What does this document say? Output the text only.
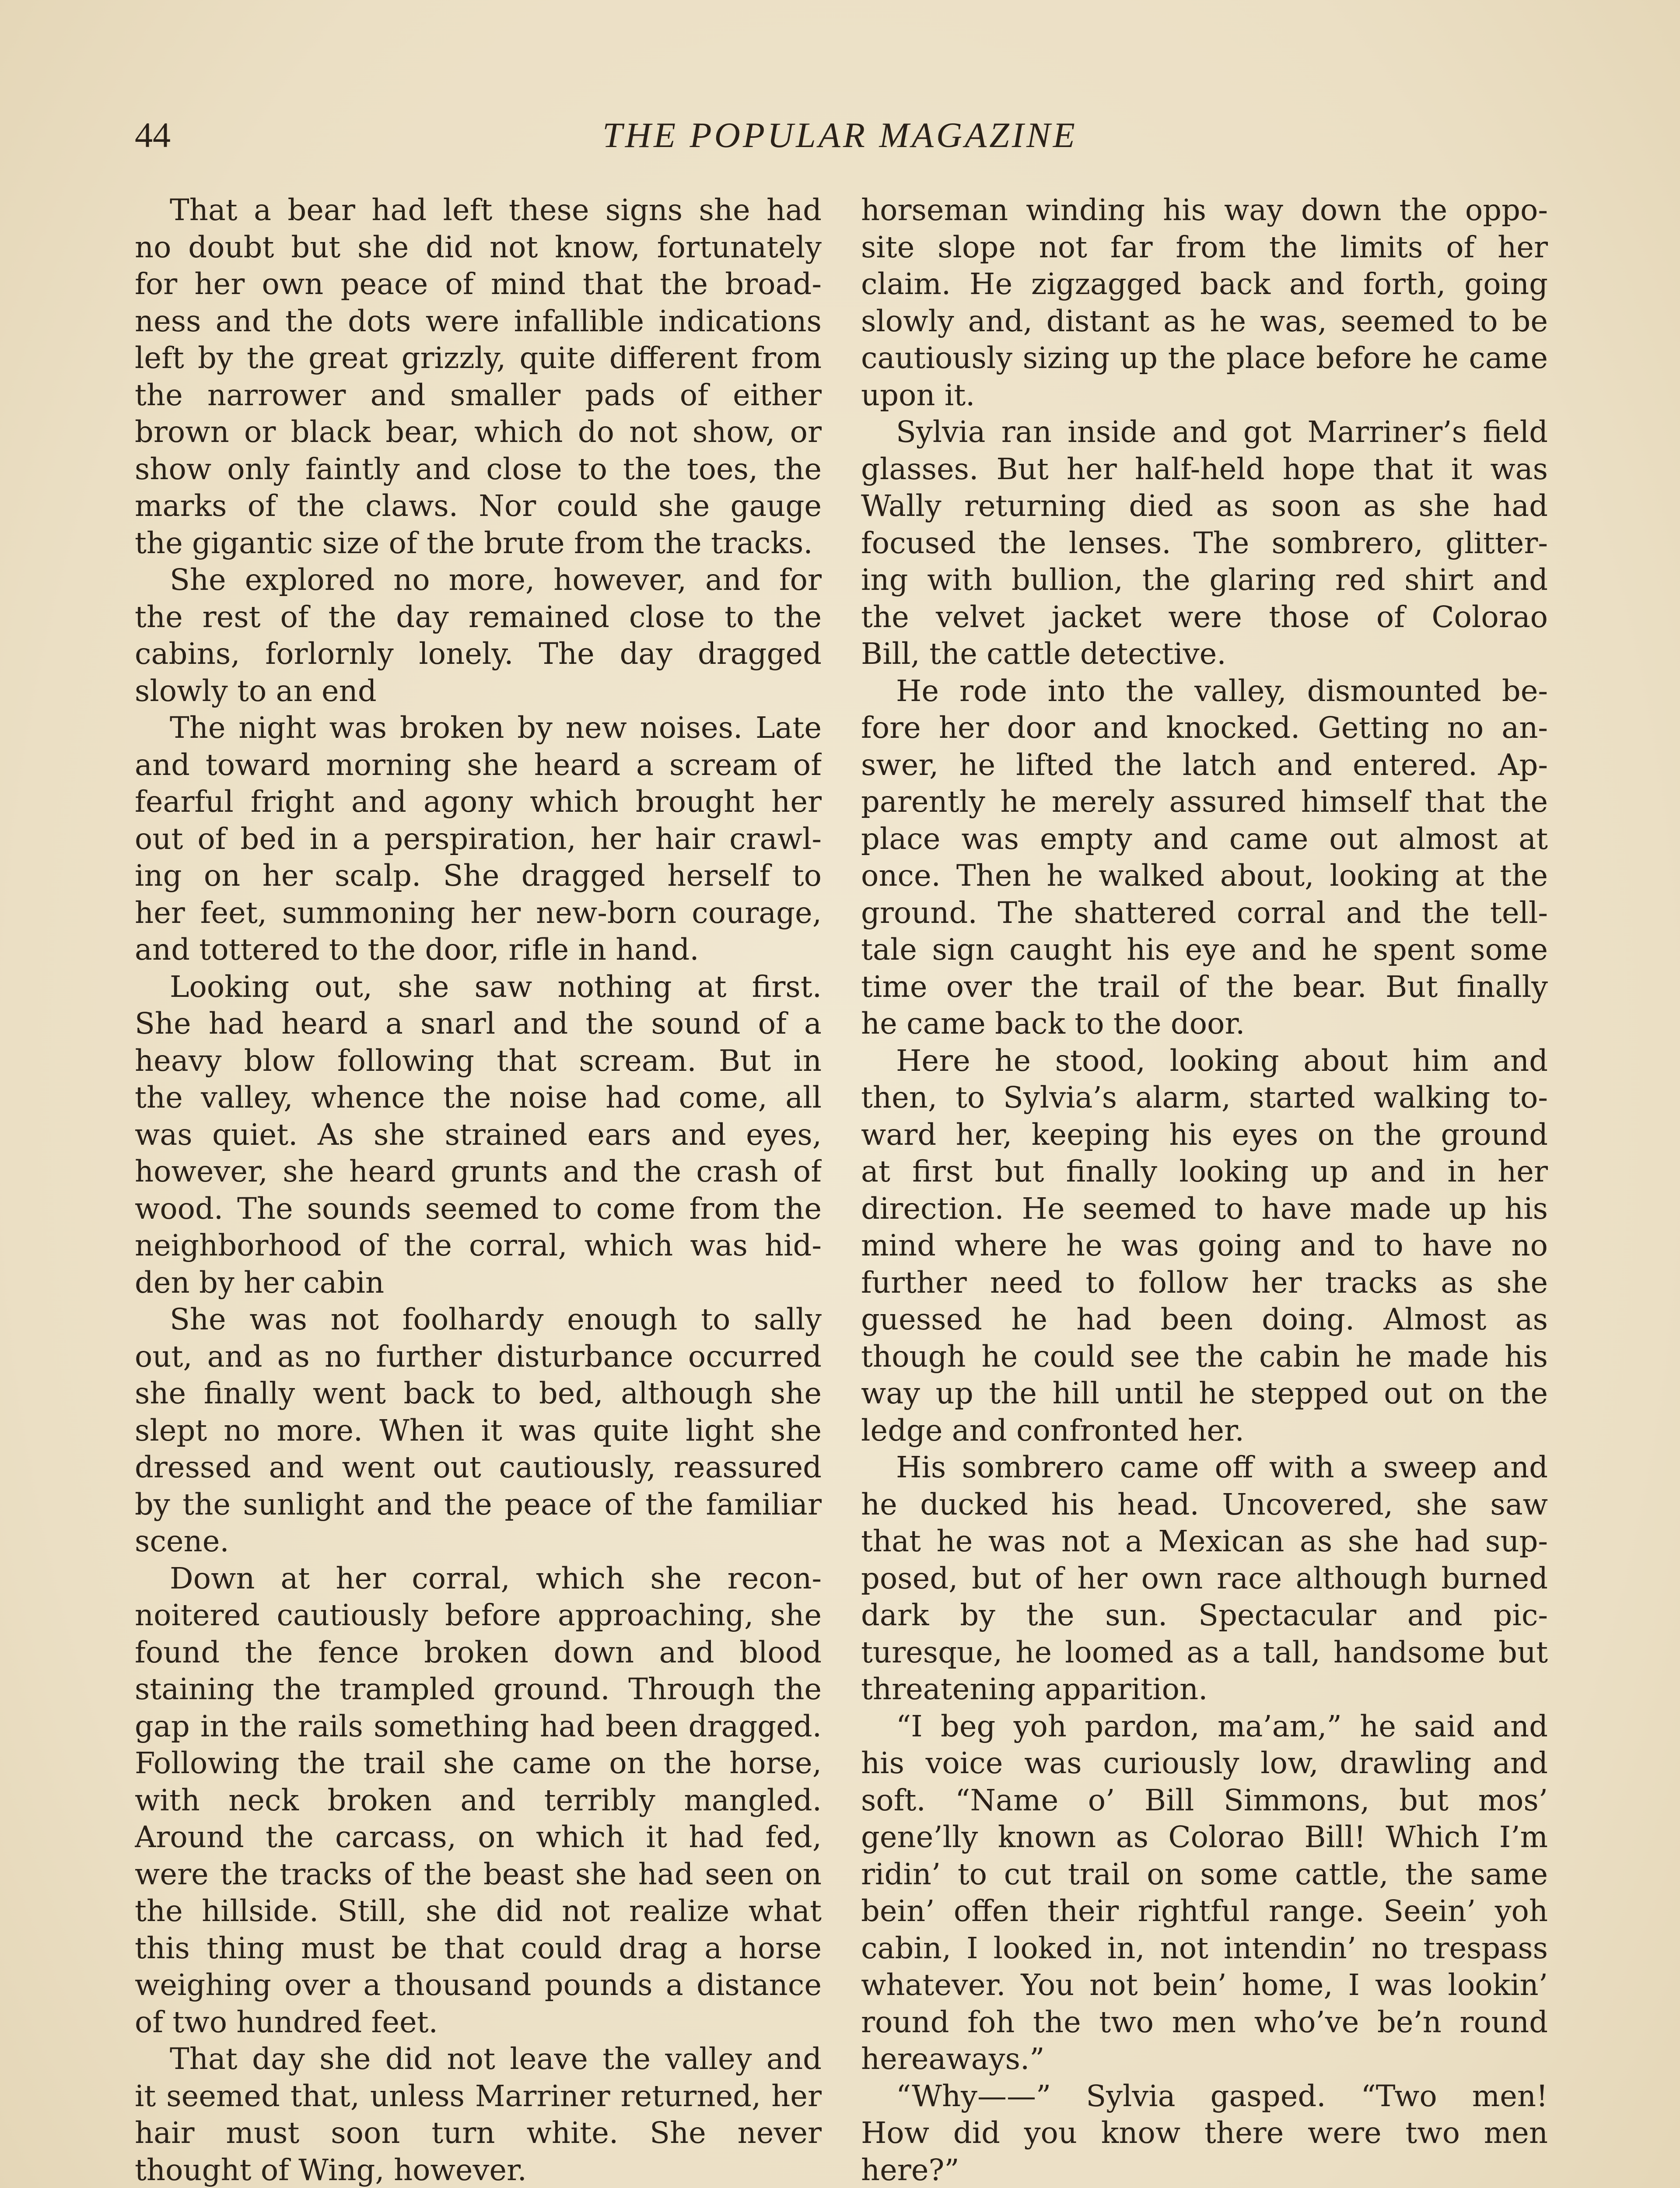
44	THE POPULAR MAGAZINE
That a bear had left these signs she had
no doubt but she did not know, fortunately
for her own peace of mind that the broad-
ness and the dots were infallible indications
left by the great grizzly, quite different from
the narrower and smaller pads of either
brown or black bear, which do not show, or
show only faintly and close to the toes, the
marks of the claws. Nor could she gauge
the gigantic size of the brute from the tracks.
She explored no more, however, and for
the rest of the day remained close to the
cabins, forlornly lonely. The day dragged
slowly to an end
The night was broken by new noises. Late
and toward morning she heard a scream of
fearful fright and agony which brought her
out of bed in a perspiration, her hair crawl-
ing on her scalp. She dragged herself to
her feet, summoning her new-born courage,
and tottered to the door, rifle in hand.
Looking out, she saw nothing at first.
She had heard a snarl and the sound of a
heavy blow following that scream. But in
the valley, whence the noise had come, all
was quiet. As she strained ears and eyes,
however, she heard grunts and the crash of
wood. The sounds seemed to come from the
neighborhood of the corral, which was hid-
den by her cabin
She was not foolhardy enough to sally
out, and as no further disturbance occurred
she finally went back to bed, although she
slept no more. When it was quite light she
dressed and went out cautiously, reassured
by the sunlight and the peace of the familiar
scene.
Down at her corral, which she recon-
noitered cautiously before approaching, she
found the fence broken down and blood
staining the trampled ground. Through the
gap in the rails something had been dragged.
Following the trail she came on the horse,
with neck broken and terribly mangled.
Around the carcass, on which it had fed,
were the tracks of the beast she had seen on
the hillside. Still, she did not realize what
this thing must be that could drag a horse
weighing over a thousand pounds a distance
of two hundred feet.
That day she did not leave the valley and
it seemed that, unless Marriner returned, her
hair must soon turn white. She never
thought of Wing, however.
horseman winding his way down the oppo-
site slope not far from the limits of her
claim. He zigzagged back and forth, going
slowly and, distant as he was, seemed to be
cautiously sizing up the place before he came
upon it.
Sylvia ran inside and got Marriner’s field
glasses. But her half-held hope that it was
Wally returning died as soon as she had
focused the lenses. The sombrero, glitter-
ing with bullion, the glaring red shirt and
the velvet jacket were those of Colorao
Bill, the cattle detective.
He rode into the valley, dismounted be-
fore her door and knocked. Getting no an-
swer, he lifted the latch and entered. Ap-
parently he merely assured himself that the
place was empty and came out almost at
once. Then he walked about, looking at the
ground. The shattered corral and the tell-
tale sign caught his eye and he spent some
time over the trail of the bear. But finally
he came back to the door.
Here he stood, looking about him and
then, to Sylvia’s alarm, started walking to-
ward her, keeping his eyes on the ground
at first but finally looking up and in her
direction. He seemed to have made up his
mind where he was going and to have no
further need to follow her tracks as she
guessed he had been doing. Almost as
though he could see the cabin he made his
way up the hill until he stepped out on the
ledge and confronted her.
His sombrero came off with a sweep and
he ducked his head. Uncovered, she saw
that he was not a Mexican as she had sup-
posed, but of her own race although burned
dark by the sun. Spectacular and pic-
turesque, he loomed as a tall, handsome but
threatening apparition.
“I beg yoh pardon, ma’am,” he said and
his voice was curiously low, drawling and
soft. “Name o’ Bill Simmons, but mos’
gene’lly known as Colorao Bill! Which I’m
ridin’ to cut trail on some cattle, the same
bein’ offen their rightful range. Seein’ yoh
cabin, I looked in, not intendin’ no trespass
whatever. You not bein’ home, I was lookin’
round foh the two men who’ve be’n round
hereaways.”
“Why——” Sylvia gasped. “Two men!
How did you know there were two men
here?”
